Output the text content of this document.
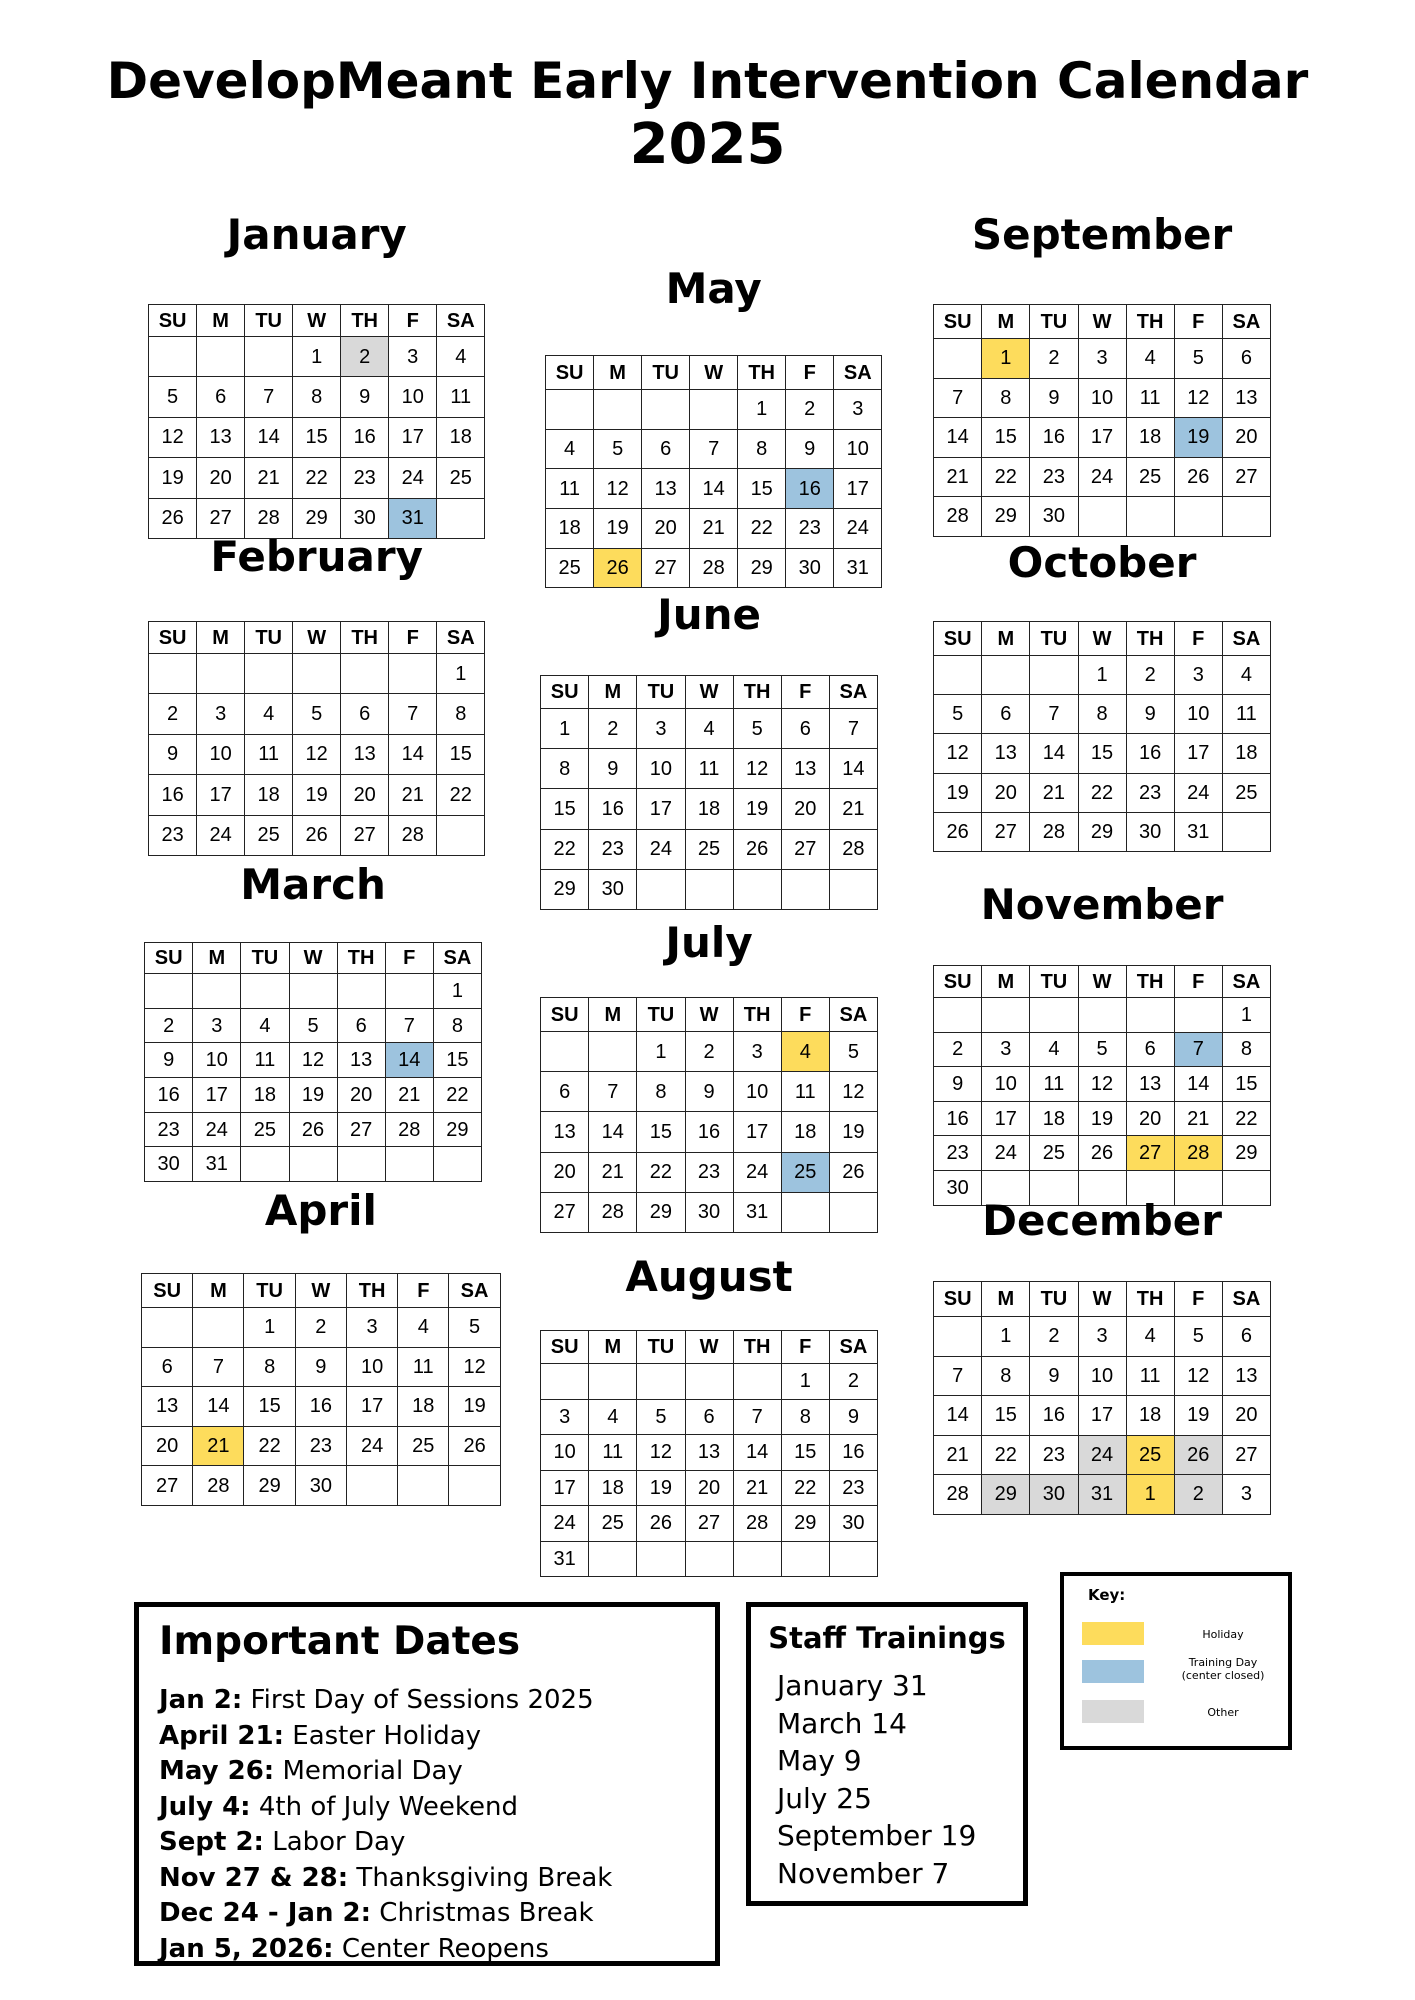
DevelopMeant Early Intervention Calendar
2025
January
SU	M	TU	W	TH	F	SA
			1	2	3	4
5	6	7	8	9	10	11
12	13	14	15	16	17	18
19	20	21	22	23	24	25
26	27	28	29	30	31	
February
SU	M	TU	W	TH	F	SA
						1
2	3	4	5	6	7	8
9	10	11	12	13	14	15
16	17	18	19	20	21	22
23	24	25	26	27	28	
March
SU	M	TU	W	TH	F	SA
						1
2	3	4	5	6	7	8
9	10	11	12	13	14	15
16	17	18	19	20	21	22
23	24	25	26	27	28	29
30	31					
April
SU	M	TU	W	TH	F	SA
		1	2	3	4	5
6	7	8	9	10	11	12
13	14	15	16	17	18	19
20	21	22	23	24	25	26
27	28	29	30			
May
SU	M	TU	W	TH	F	SA
				1	2	3
4	5	6	7	8	9	10
11	12	13	14	15	16	17
18	19	20	21	22	23	24
25	26	27	28	29	30	31
June
SU	M	TU	W	TH	F	SA
1	2	3	4	5	6	7
8	9	10	11	12	13	14
15	16	17	18	19	20	21
22	23	24	25	26	27	28
29	30					
July
SU	M	TU	W	TH	F	SA
		1	2	3	4	5
6	7	8	9	10	11	12
13	14	15	16	17	18	19
20	21	22	23	24	25	26
27	28	29	30	31		
August
SU	M	TU	W	TH	F	SA
					1	2
3	4	5	6	7	8	9
10	11	12	13	14	15	16
17	18	19	20	21	22	23
24	25	26	27	28	29	30
31						
September
SU	M	TU	W	TH	F	SA
	1	2	3	4	5	6
7	8	9	10	11	12	13
14	15	16	17	18	19	20
21	22	23	24	25	26	27
28	29	30				
October
SU	M	TU	W	TH	F	SA
			1	2	3	4
5	6	7	8	9	10	11
12	13	14	15	16	17	18
19	20	21	22	23	24	25
26	27	28	29	30	31	
November
SU	M	TU	W	TH	F	SA
						1
2	3	4	5	6	7	8
9	10	11	12	13	14	15
16	17	18	19	20	21	22
23	24	25	26	27	28	29
30						
December
SU	M	TU	W	TH	F	SA
	1	2	3	4	5	6
7	8	9	10	11	12	13
14	15	16	17	18	19	20
21	22	23	24	25	26	27
28	29	30	31	1	2	3
Important Dates
Jan 2: First Day of Sessions 2025
April 21: Easter Holiday
May 26: Memorial Day
July 4: 4th of July Weekend
Sept 2: Labor Day
Nov 27 & 28: Thanksgiving Break
Dec 24 - Jan 2: Christmas Break
Jan 5, 2026: Center Reopens
Staff Trainings
January 31
March 14
May 9
July 25
September 19
November 7
Key:
Holiday
Training Day
(center closed)
Other
